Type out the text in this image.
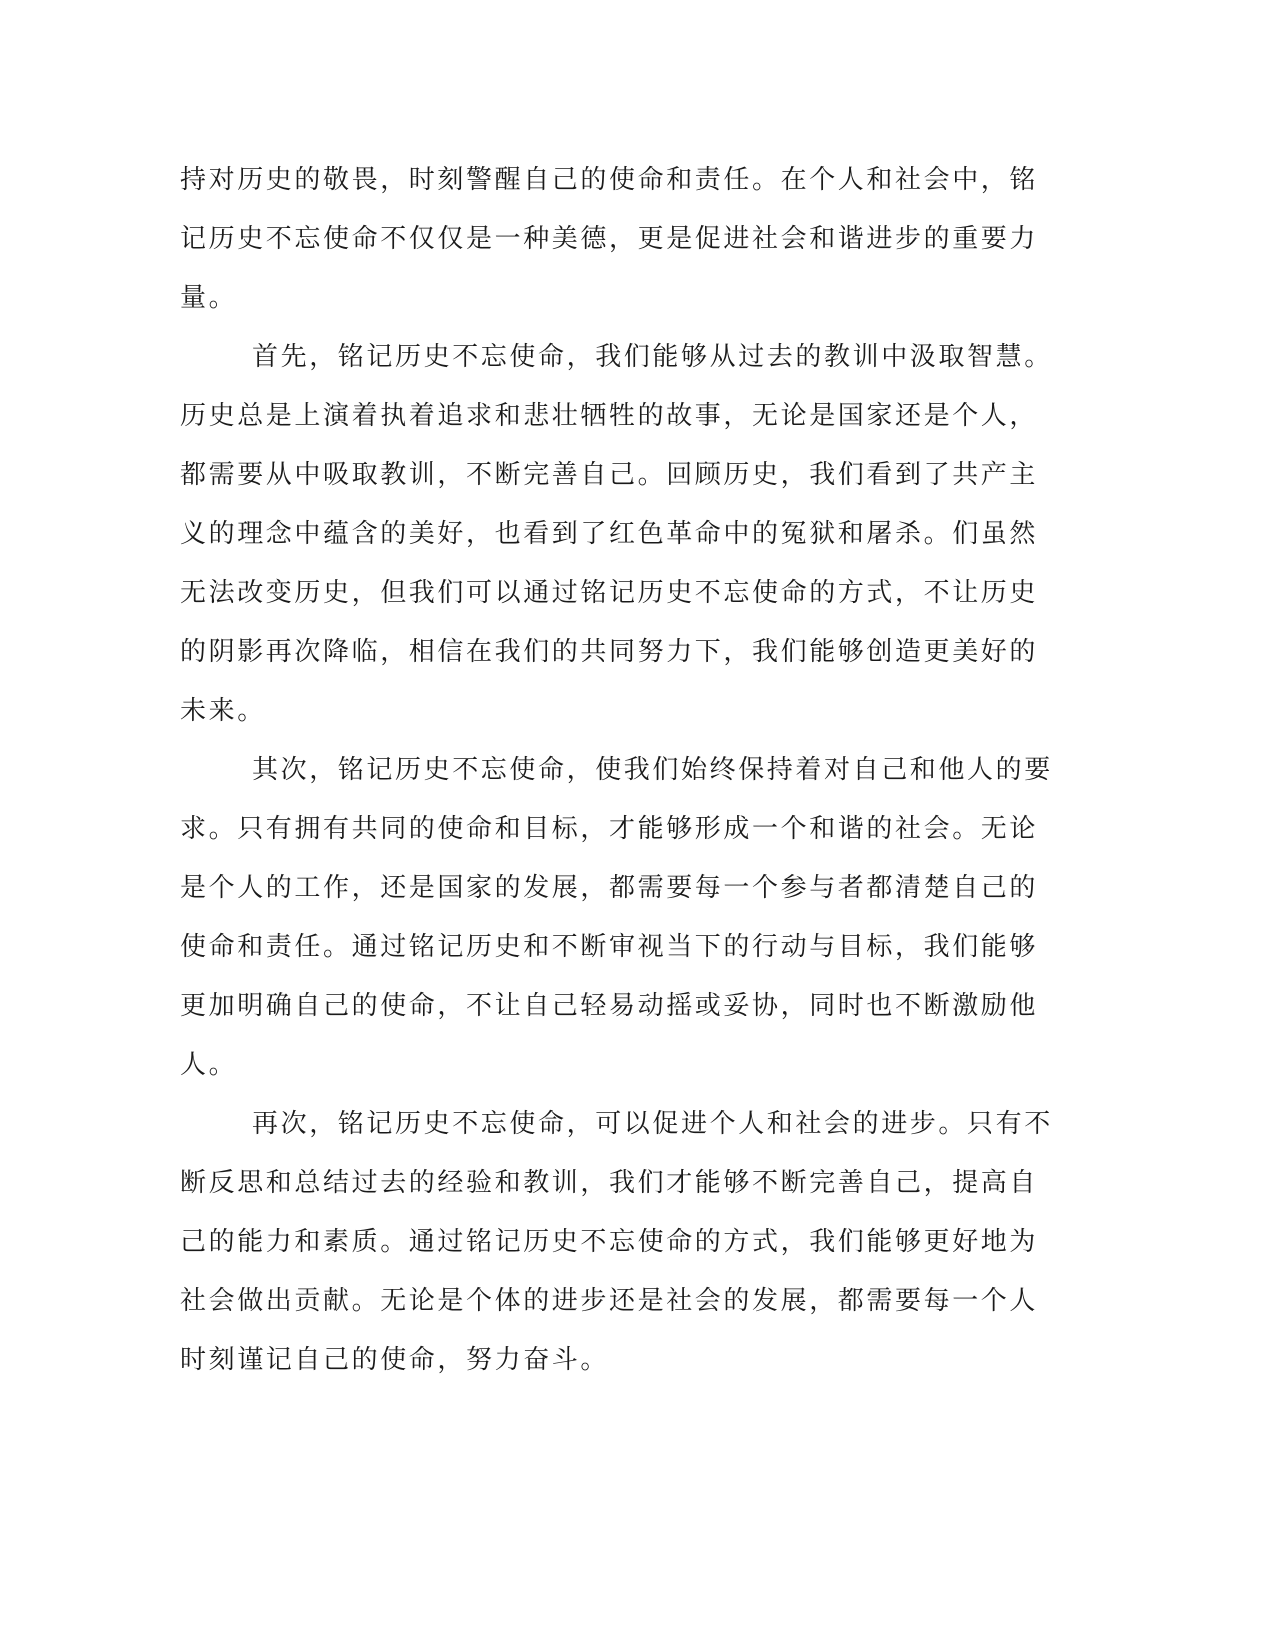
持对历史的敬畏，时刻警醒自己的使命和责任。在个人和社会中，铭
记历史不忘使命不仅仅是一种美德，更是促进社会和谐进步的重要力
量。
首先，铭记历史不忘使命，我们能够从过去的教训中汲取智慧。
历史总是上演着执着追求和悲壮牺牲的故事，无论是国家还是个人，
都需要从中吸取教训，不断完善自己。回顾历史，我们看到了共产主
义的理念中蕴含的美好，也看到了红色革命中的冤狱和屠杀。们虽然
无法改变历史，但我们可以通过铭记历史不忘使命的方式，不让历史
的阴影再次降临，相信在我们的共同努力下，我们能够创造更美好的
未来。
其次，铭记历史不忘使命，使我们始终保持着对自己和他人的要
求。只有拥有共同的使命和目标，才能够形成一个和谐的社会。无论
是个人的工作，还是国家的发展，都需要每一个参与者都清楚自己的
使命和责任。通过铭记历史和不断审视当下的行动与目标，我们能够
更加明确自己的使命，不让自己轻易动摇或妥协，同时也不断激励他
人。
再次，铭记历史不忘使命，可以促进个人和社会的进步。只有不
断反思和总结过去的经验和教训，我们才能够不断完善自己，提高自
己的能力和素质。通过铭记历史不忘使命的方式，我们能够更好地为
社会做出贡献。无论是个体的进步还是社会的发展，都需要每一个人
时刻谨记自己的使命，努力奋斗。
